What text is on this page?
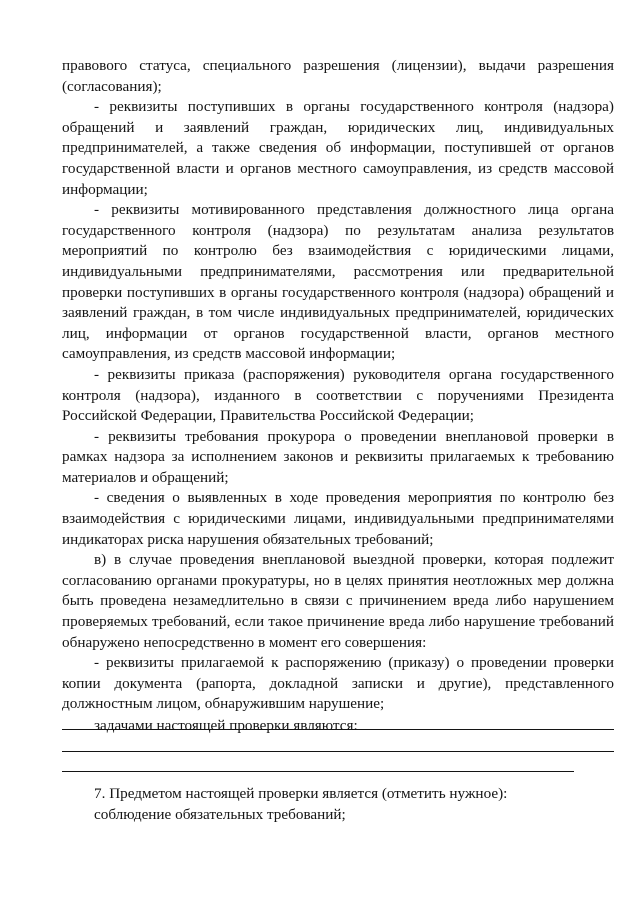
правового статуса, специального разрешения (лицензии), выдачи разрешения (согласования);

- реквизиты поступивших в органы государственного контроля (надзора) обращений и заявлений граждан, юридических лиц, индивидуальных предпринимателей, а также сведения об информации, поступившей от органов государственной власти и органов местного самоуправления, из средств массовой информации;

- реквизиты мотивированного представления должностного лица органа государственного контроля (надзора) по результатам анализа результатов мероприятий по контролю без взаимодействия с юридическими лицами, индивидуальными предпринимателями, рассмотрения или предварительной проверки поступивших в органы государственного контроля (надзора) обращений и заявлений граждан, в том числе индивидуальных предпринимателей, юридических лиц, информации от органов государственной власти, органов местного самоуправления, из средств массовой информации;

- реквизиты приказа (распоряжения) руководителя органа государственного контроля (надзора), изданного в соответствии с поручениями Президента Российской Федерации, Правительства Российской Федерации;

- реквизиты требования прокурора о проведении внеплановой проверки в рамках надзора за исполнением законов и реквизиты прилагаемых к требованию материалов и обращений;

- сведения о выявленных в ходе проведения мероприятия по контролю без взаимодействия с юридическими лицами, индивидуальными предпринимателями индикаторах риска нарушения обязательных требований;

в) в случае проведения внеплановой выездной проверки, которая подлежит согласованию органами прокуратуры, но в целях принятия неотложных мер должна быть проведена незамедлительно в связи с причинением вреда либо нарушением проверяемых требований, если такое причинение вреда либо нарушение требований обнаружено непосредственно в момент его совершения:

- реквизиты прилагаемой к распоряжению (приказу) о проведении проверки копии документа (рапорта, докладной записки и другие), представленного должностным лицом, обнаружившим нарушение;

задачами настоящей проверки являются:

7. Предметом настоящей проверки является (отметить нужное):

соблюдение обязательных требований;
